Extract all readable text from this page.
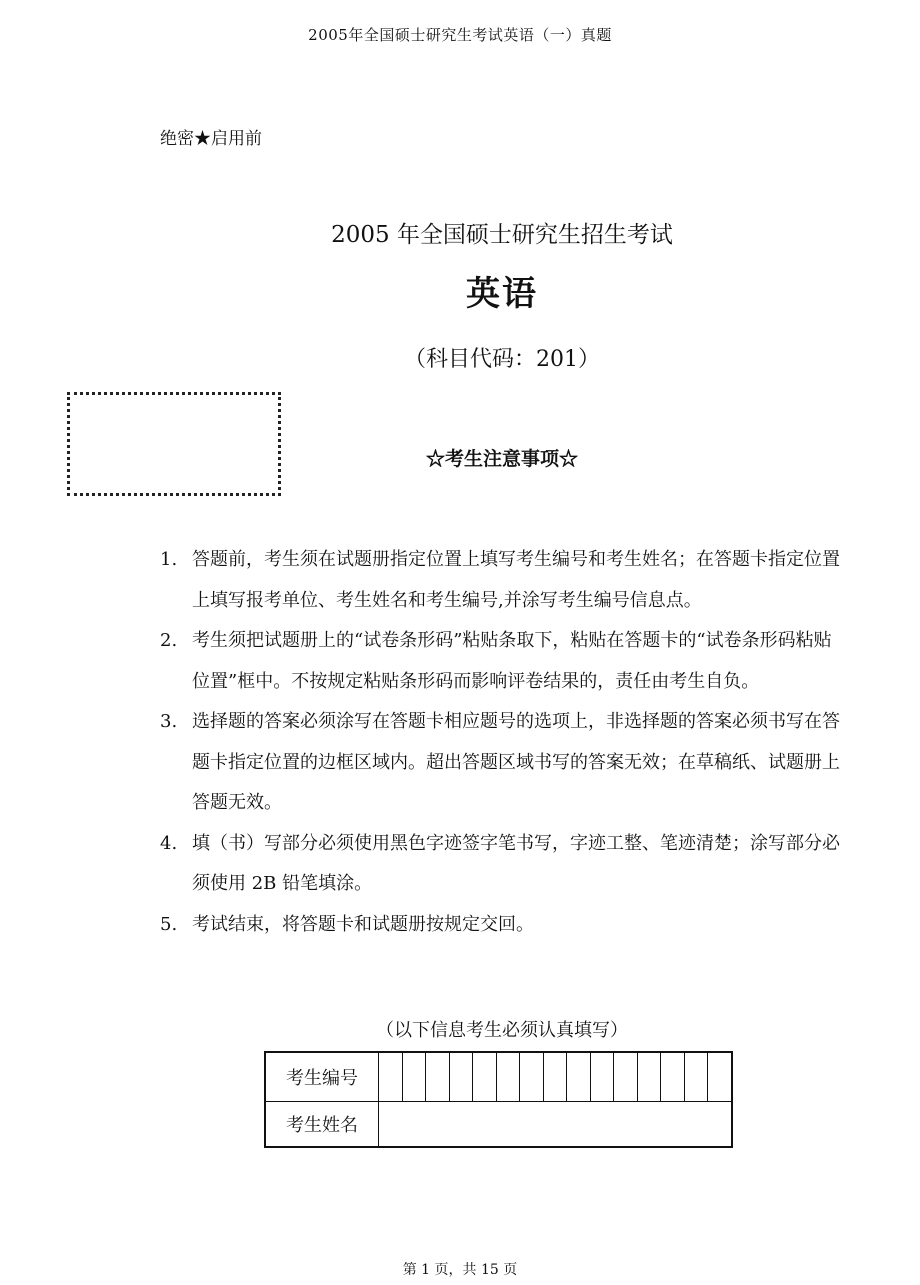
2005年全国硕士研究生考试英语（一）真题
绝密★启用前
2005 年全国硕士研究生招生考试
英语
（科目代码：201）
☆考生注意事项☆
1. 答题前，考生须在试题册指定位置上填写考生编号和考生姓名；在答题卡指定位置上填写报考单位、考生姓名和考生编号,并涂写考生编号信息点。
2. 考生须把试题册上的“试卷条形码”粘贴条取下，粘贴在答题卡的“试卷条形码粘贴位置”框中。不按规定粘贴条形码而影响评卷结果的，责任由考生自负。
3. 选择题的答案必须涂写在答题卡相应题号的选项上，非选择题的答案必须书写在答题卡指定位置的边框区域内。超出答题区域书写的答案无效；在草稿纸、试题册上答题无效。
4. 填（书）写部分必须使用黑色字迹签字笔书写，字迹工整、笔迹清楚；涂写部分必须使用 2B 铅笔填涂。
5. 考试结束，将答题卡和试题册按规定交回。
（以下信息考生必须认真填写）
考生编号															
考生姓名															
第 1 页，共 15 页
